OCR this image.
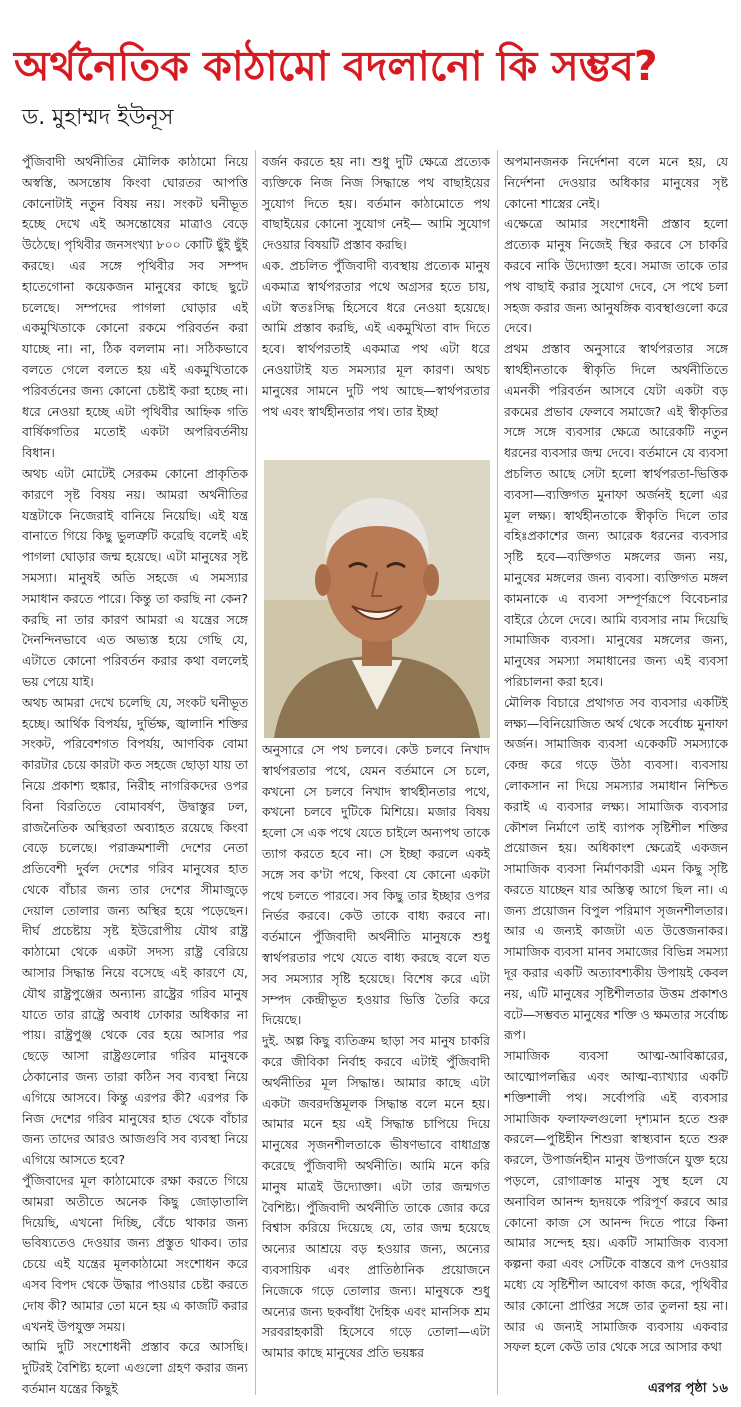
অর্থনৈতিক কাঠামো বদলানো কি সম্ভব?
ড. মুহাম্মদ ইউনূস

পুঁজিবাদী অর্থনীতির মৌলিক কাঠামো নিয়ে অস্বস্তি, অসন্তোষ কিংবা ঘোরতর আপত্তি কোনোটাই নতুন বিষয় নয়। সংকট ঘনীভূত হচ্ছে দেখে এই অসন্তোষের মাত্রাও বেড়ে উঠেছে। পৃথিবীর জনসংখ্যা ৮০০ কোটি ছুঁই ছুঁই করছে। এর সঙ্গে পৃথিবীর সব সম্পদ হাতেগোনা কয়েকজন মানুষের কাছে ছুটে চলেছে। সম্পদের পাগলা ঘোড়ার এই একমুখিতাকে কোনো রকমে পরিবর্তন করা যাচ্ছে না। না, ঠিক বললাম না। সঠিকভাবে বলতে গেলে বলতে হয় এই একমুখিতাকে পরিবর্তনের জন্য কোনো চেষ্টাই করা হচ্ছে না। ধরে নেওয়া হচ্ছে এটা পৃথিবীর আহ্নিক গতি বার্ষিকগতির মতোই একটা অপরিবর্তনীয় বিধান।

অথচ এটা মোটেই সেরকম কোনো প্রাকৃতিক কারণে সৃষ্ট বিষয় নয়। আমরা অর্থনীতির যন্ত্রটাকে নিজেরাই বানিয়ে নিয়েছি। এই যন্ত্র বানাতে গিয়ে কিছু ভুলত্রুটি করেছি বলেই এই পাগলা ঘোড়ার জন্ম হয়েছে। এটা মানুষের সৃষ্ট সমস্যা। মানুষই অতি সহজে এ সমস্যার সমাধান করতে পারে। কিন্তু তা করছি না কেন? করছি না তার কারণ আমরা এ যন্ত্রের সঙ্গে দৈনন্দিনভাবে এত অভ্যস্ত হয়ে গেছি যে, এটাতে কোনো পরিবর্তন করার কথা বললেই ভয় পেয়ে যাই।

অথচ আমরা দেখে চলেছি যে, সংকট ঘনীভূত হচ্ছে। আর্থিক বিপর্যয়, দুর্ভিক্ষ, জ্বালানি শক্তির সংকট, পরিবেশগত বিপর্যয়, আণবিক বোমা কারটার চেয়ে কারটা কত সহজে ছোড়া যায় তা নিয়ে প্রকাশ্য হুঙ্কার, নিরীহ নাগরিকদের ওপর বিনা বিরতিতে বোমাবর্ষণ, উদ্বাস্তুর ঢল, রাজনৈতিক অস্থিরতা অব্যাহত রয়েছে কিংবা বেড়ে চলেছে। পরাক্রমশালী দেশের নেতা প্রতিবেশী দুর্বল দেশের গরিব মানুষের হাত থেকে বাঁচার জন্য তার দেশের সীমাজুড়ে দেয়াল তোলার জন্য অস্থির হয়ে পড়েছেন। দীর্ঘ প্রচেষ্টায় সৃষ্ট ইউরোপীয় যৌথ রাষ্ট্র কাঠামো থেকে একটা সদস্য রাষ্ট্র বেরিয়ে আসার সিদ্ধান্ত নিয়ে বসেছে এই কারণে যে, যৌথ রাষ্ট্রপুঞ্জের অন্যান্য রাষ্ট্রের গরিব মানুষ যাতে তার রাষ্ট্রে অবাধ ঢোকার অধিকার না পায়। রাষ্ট্রপুঞ্জ থেকে বের হয়ে আসার পর ছেড়ে আসা রাষ্ট্রগুলোর গরিব মানুষকে ঠেকানোর জন্য তারা কঠিন সব ব্যবস্থা নিয়ে এগিয়ে আসবে। কিন্তু এরপর কী? এরপর কি নিজ দেশের গরিব মানুষের হাত থেকে বাঁচার জন্য তাদের আরও আজগুবি সব ব্যবস্থা নিয়ে এগিয়ে আসতে হবে?

পুঁজিবাদের মূল কাঠামোকে রক্ষা করতে গিয়ে আমরা অতীতে অনেক কিছু জোড়াতালি দিয়েছি, এখনো দিচ্ছি, বেঁচে থাকার জন্য ভবিষ্যতেও দেওয়ার জন্য প্রস্তুত থাকব। তার চেয়ে এই যন্ত্রের মূলকাঠামো সংশোধন করে এসব বিপদ থেকে উদ্ধার পাওয়ার চেষ্টা করতে দোষ কী? আমার তো মনে হয় এ কাজটি করার এখনই উপযুক্ত সময়।

আমি দুটি সংশোধনী প্রস্তাব করে আসছি। দুটিরই বৈশিষ্ট্য হলো এগুলো গ্রহণ করার জন্য বর্তমান যন্ত্রের কিছুই

বর্জন করতে হয় না। শুধু দুটি ক্ষেত্রে প্রত্যেক ব্যক্তিকে নিজ নিজ সিদ্ধান্তে পথ বাছাইয়ের সুযোগ দিতে হয়। বর্তমান কাঠামোতে পথ বাছাইয়ের কোনো সুযোগ নেই— আমি সুযোগ দেওয়ার বিষয়টি প্রস্তাব করছি।

এক. প্রচলিত পুঁজিবাদী ব্যবস্থায় প্রত্যেক মানুষ একমাত্র স্বার্থপরতার পথে অগ্রসর হতে চায়, এটা স্বতঃসিদ্ধ হিসেবে ধরে নেওয়া হয়েছে। আমি প্রস্তাব করছি, এই একমুখিতা বাদ দিতে হবে। স্বার্থপরতাই একমাত্র পথ এটা ধরে নেওয়াটাই যত সমস্যার মূল কারণ। অথচ মানুষের সামনে দুটি পথ আছে—স্বার্থপরতার পথ এবং স্বার্থহীনতার পথ। তার ইচ্ছা

অনুসারে সে পথ চলবে। কেউ চলবে নিখাদ স্বার্থপরতার পথে, যেমন বর্তমানে সে চলে, কখনো সে চলবে নিখাদ স্বার্থহীনতার পথে, কখনো চলবে দুটিকে মিশিয়ে। মজার বিষয় হলো সে এক পথে যেতে চাইলে অন্যপথ তাকে ত্যাগ করতে হবে না। সে ইচ্ছা করলে একই সঙ্গে সব ক'টা পথে, কিংবা যে কোনো একটা পথে চলতে পারবে। সব কিছু তার ইচ্ছার ওপর নির্ভর করবে। কেউ তাকে বাধ্য করবে না। বর্তমানে পুঁজিবাদী অর্থনীতি মানুষকে শুধু স্বার্থপরতার পথে যেতে বাধ্য করছে বলে যত সব সমস্যার সৃষ্টি হয়েছে। বিশেষ করে এটা সম্পদ কেন্দ্রীভূত হওয়ার ভিত্তি তৈরি করে দিয়েছে।

দুই. অল্প কিছু ব্যতিক্রম ছাড়া সব মানুষ চাকরি করে জীবিকা নির্বাহ করবে এটাই পুঁজিবাদী অর্থনীতির মূল সিদ্ধান্ত। আমার কাছে এটা একটা জবরদস্তিমূলক সিদ্ধান্ত বলে মনে হয়। আমার মনে হয় এই সিদ্ধান্ত চাপিয়ে দিয়ে মানুষের সৃজনশীলতাকে ভীষণভাবে বাধাগ্রস্ত করেছে পুঁজিবাদী অর্থনীতি। আমি মনে করি মানুষ মাত্রই উদ্যোক্তা। এটা তার জন্মগত বৈশিষ্ট্য। পুঁজিবাদী অর্থনীতি তাকে জোর করে বিশ্বাস করিয়ে দিয়েছে যে, তার জন্ম হয়েছে অন্যের আশ্রয়ে বড় হওয়ার জন্য, অন্যের ব্যবসায়িক এবং প্রাতিষ্ঠানিক প্রয়োজনে নিজেকে গড়ে তোলার জন্য। মানুষকে শুধু অন্যের জন্য ছকবাঁধা দৈহিক এবং মানসিক শ্রম সরবরাহকারী হিসেবে গড়ে তোলা—এটা আমার কাছে মানুষের প্রতি ভয়ঙ্কর

অপমানজনক নির্দেশনা বলে মনে হয়, যে নির্দেশনা দেওয়ার অধিকার মানুষের সৃষ্ট কোনো শাস্ত্রের নেই।

এক্ষেত্রে আমার সংশোধনী প্রস্তাব হলো প্রত্যেক মানুষ নিজেই স্থির করবে সে চাকরি করবে নাকি উদ্যোক্তা হবে। সমাজ তাকে তার পথ বাছাই করার সুযোগ দেবে, সে পথে চলা সহজ করার জন্য আনুষঙ্গিক ব্যবস্থাগুলো করে দেবে।

প্রথম প্রস্তাব অনুসারে স্বার্থপরতার সঙ্গে স্বার্থহীনতাকে স্বীকৃতি দিলে অর্থনীতিতে এমনকী পরিবর্তন আসবে যেটা একটা বড় রকমের প্রভাব ফেলবে সমাজে? এই স্বীকৃতির সঙ্গে সঙ্গে ব্যবসার ক্ষেত্রে আরেকটি নতুন ধরনের ব্যবসার জন্ম দেবে। বর্তমানে যে ব্যবসা প্রচলিত আছে সেটা হলো স্বার্থপরতা-ভিত্তিক ব্যবসা—ব্যক্তিগত মুনাফা অর্জনই হলো এর মূল লক্ষ্য। স্বার্থহীনতাকে স্বীকৃতি দিলে তার বহিঃপ্রকাশের জন্য আরেক ধরনের ব্যবসার সৃষ্টি হবে—ব্যক্তিগত মঙ্গলের জন্য নয়, মানুষের মঙ্গলের জন্য ব্যবসা। ব্যক্তিগত মঙ্গল কামনাকে এ ব্যবসা সম্পূর্ণরূপে বিবেচনার বাইরে ঠেলে দেবে। আমি ব্যবসার নাম দিয়েছি সামাজিক ব্যবসা। মানুষের মঙ্গলের জন্য, মানুষের সমস্যা সমাধানের জন্য এই ব্যবসা পরিচালনা করা হবে।

মৌলিক বিচারে প্রথাগত সব ব্যবসার একটিই লক্ষ্য—বিনিয়োজিত অর্থ থেকে সর্বোচ্চ মুনাফা অর্জন। সামাজিক ব্যবসা একেকটি সমস্যাকে কেন্দ্র করে গড়ে উঠা ব্যবসা। ব্যবসায় লোকসান না দিয়ে সমস্যার সমাধান নিশ্চিত করাই এ ব্যবসার লক্ষ্য। সামাজিক ব্যবসার কৌশল নির্মাণে তাই ব্যাপক সৃষ্টিশীল শক্তির প্রয়োজন হয়। অধিকাংশ ক্ষেত্রেই একজন সামাজিক ব্যবসা নির্মাণকারী এমন কিছু সৃষ্টি করতে যাচ্ছেন যার অস্তিত্ব আগে ছিল না। এ জন্য প্রয়োজন বিপুল পরিমাণ সৃজনশীলতার। আর এ জন্যই কাজটা এত উত্তেজনাকর। সামাজিক ব্যবসা মানব সমাজের বিভিন্ন সমস্যা দূর করার একটি অত্যাবশ্যকীয় উপায়ই কেবল নয়, এটি মানুষের সৃষ্টিশীলতার উত্তম প্রকাশও বটে—সম্ভবত মানুষের শক্তি ও ক্ষমতার সর্বোচ্চ রূপ।

সামাজিক ব্যবসা আত্ম-আবিষ্কারের, আত্মোপলব্ধির এবং আত্ম-ব্যাখ্যার একটি শক্তিশালী পথ। সর্বোপরি এই ব্যবসার সামাজিক ফলাফলগুলো দৃশ্যমান হতে শুরু করলে—পুষ্টিহীন শিশুরা স্বাস্থ্যবান হতে শুরু করলে, উপার্জনহীন মানুষ উপার্জনে যুক্ত হয়ে পড়লে, রোগাক্রান্ত মানুষ সুস্থ হলে যে অনাবিল আনন্দ হৃদয়কে পরিপূর্ণ করবে আর কোনো কাজ সে আনন্দ দিতে পারে কিনা আমার সন্দেহ হয়। একটি সামাজিক ব্যবসা কল্পনা করা এবং সেটিকে বাস্তবে রূপ দেওয়ার মধ্যে যে সৃষ্টিশীল আবেগ কাজ করে, পৃথিবীর আর কোনো প্রাপ্তির সঙ্গে তার তুলনা হয় না। আর এ জন্যই সামাজিক ব্যবসায় একবার সফল হলে কেউ তার থেকে সরে আসার কথা

এরপর পৃষ্ঠা ১৬
